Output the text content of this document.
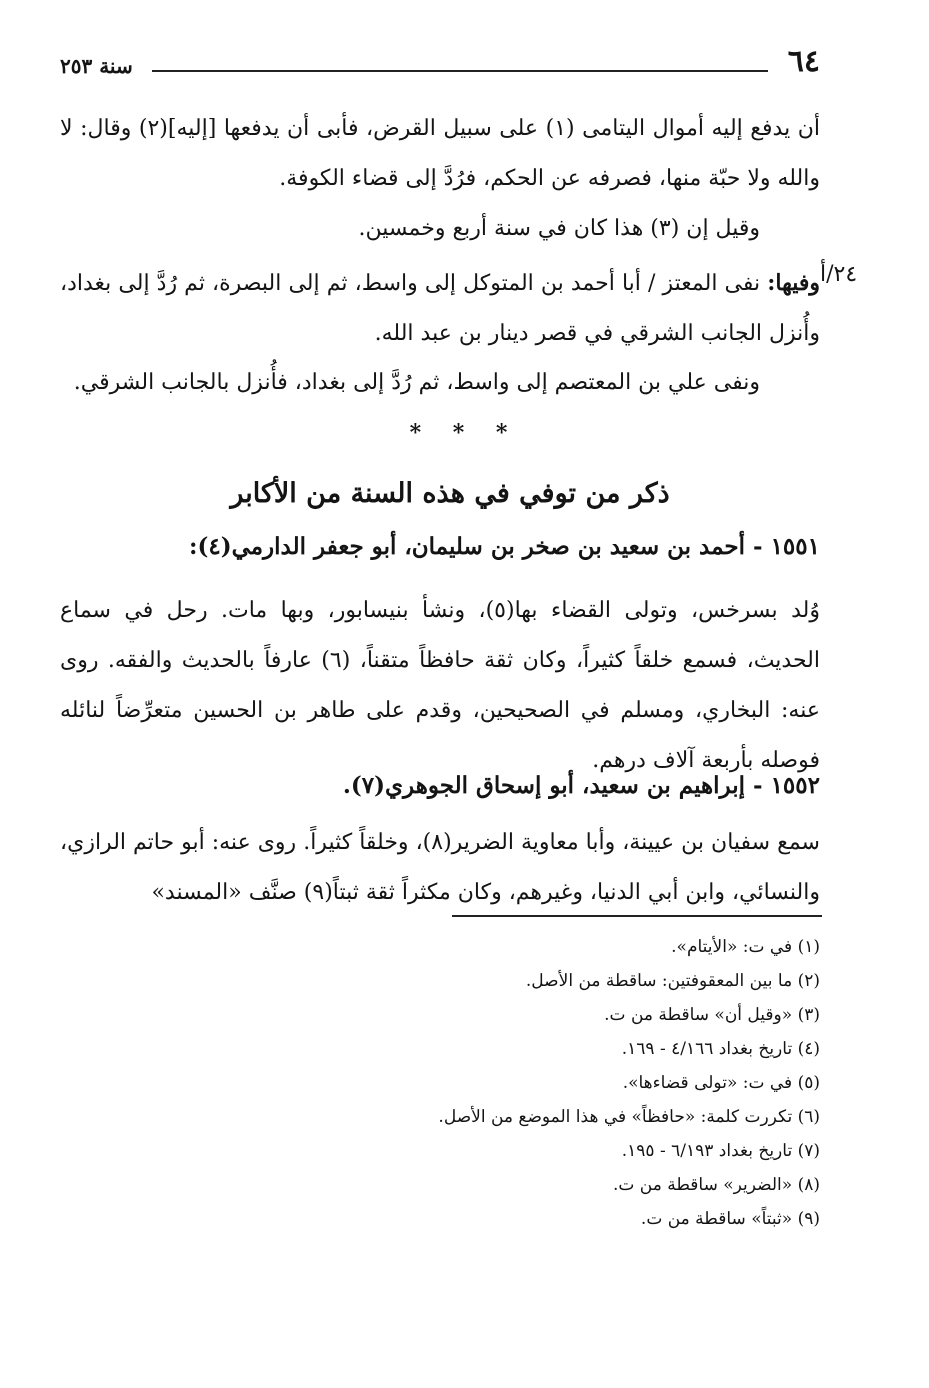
٦٤
سنة ٢٥٣
أن يدفع إليه أموال اليتامى (١) على سبيل القرض، فأبى أن يدفعها [إليه](٢) وقال: لا والله ولا حبّة منها، فصرفه عن الحكم، فرُدَّ إلى قضاء الكوفة.
وقيل إن (٣) هذا كان في سنة أربع وخمسين.
٢٤/أ
وفيها: نفى المعتز / أبا أحمد بن المتوكل إلى واسط، ثم إلى البصرة، ثم رُدَّ إلى بغداد، وأُنزل الجانب الشرقي في قصر دينار بن عبد الله.
ونفى علي بن المعتصم إلى واسط، ثم رُدَّ إلى بغداد، فأُنزل بالجانب الشرقي.
* * *
ذكر من توفي في هذه السنة من الأكابر
١٥٥١ - أحمد بن سعيد بن صخر بن سليمان، أبو جعفر الدارمي(٤):
وُلد بسرخس، وتولى القضاء بها(٥)، ونشأ بنيسابور، وبها مات. رحل في سماع الحديث، فسمع خلقاً كثيراً، وكان ثقة حافظاً متقناً، (٦) عارفاً بالحديث والفقه. روى عنه: البخاري، ومسلم في الصحيحين، وقدم على طاهر بن الحسين متعرِّضاً لنائله فوصله بأربعة آلاف درهم.
١٥٥٢ - إبراهيم بن سعيد، أبو إسحاق الجوهري(٧).
سمع سفيان بن عيينة، وأبا معاوية الضرير(٨)، وخلقاً كثيراً. روى عنه: أبو حاتم الرازي، والنسائي، وابن أبي الدنيا، وغيرهم، وكان مكثراً ثقة ثبتاً(٩) صنَّف «المسند»
(١) في ت: «الأيتام».
(٢) ما بين المعقوفتين: ساقطة من الأصل.
(٣) «وقيل أن» ساقطة من ت.
(٤) تاريخ بغداد ٤/١٦٦ - ١٦٩.
(٥) في ت: «تولى قضاءها».
(٦) تكررت كلمة: «حافظاً» في هذا الموضع من الأصل.
(٧) تاريخ بغداد ٦/١٩٣ - ١٩٥.
(٨) «الضرير» ساقطة من ت.
(٩) «ثبتاً» ساقطة من ت.
